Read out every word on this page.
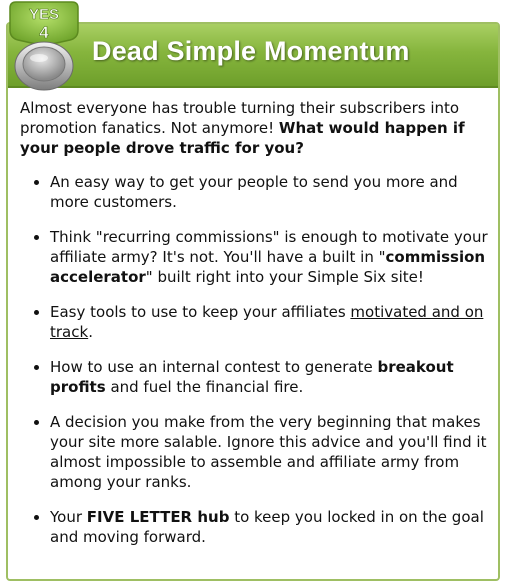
Dead Simple Momentum

Almost everyone has trouble turning their subscribers into promotion fanatics. Not anymore! What would happen if your people drove traffic for you?

• An easy way to get your people to send you more and more customers.
• Think "recurring commissions" is enough to motivate your affiliate army? It's not. You'll have a built in "commission accelerator" built right into your Simple Six site!
• Easy tools to use to keep your affiliates motivated and on track.
• How to use an internal contest to generate breakout profits and fuel the financial fire.
• A decision you make from the very beginning that makes your site more salable. Ignore this advice and you'll find it almost impossible to assemble and affiliate army from among your ranks.
• Your FIVE LETTER hub to keep you locked in on the goal and moving forward.
YES
4
